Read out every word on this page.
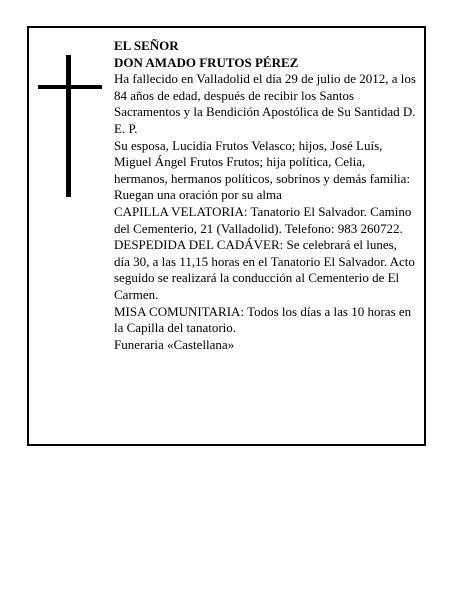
EL SEÑOR

DON AMADO FRUTOS PÉREZ

Ha fallecido en Valladolid el día 29 de julio de 2012, a los 84 años de edad, después de recibir los Santos Sacramentos y la Bendición Apostólica de Su Santidad D. E. P.

Su esposa, Lucidia Frutos Velasco; hijos, José Luís, Miguel Ángel Frutos Frutos; hija política, Celia, hermanos, hermanos políticos, sobrinos y demás familia:

Ruegan una oración por su alma

CAPILLA VELATORIA: Tanatorio El Salvador. Camino del Cementerio, 21 (Valladolid). Telefono: 983 260722.

DESPEDIDA DEL CADÁVER: Se celebrará el lunes, día 30, a las 11,15 horas en el Tanatorio El Salvador. Acto seguido se realizará la conducción al Cementerio de El Carmen.

MISA COMUNITARIA: Todos los días a las 10 horas en la Capilla del tanatorio.

Funeraria «Castellana»
